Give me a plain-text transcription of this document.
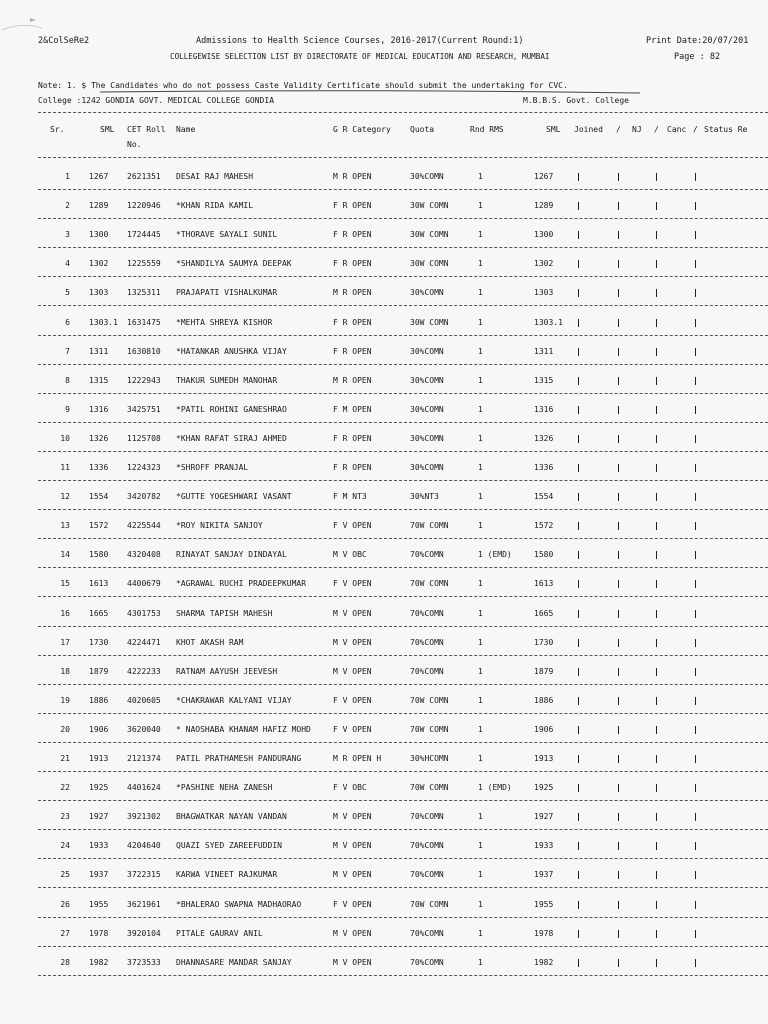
2&ColSeRe2	Admissions to Health Science Courses, 2016-2017(Current Round:1)	Print Date:20/07/201
COLLEGEWISE SELECTION LIST BY DIRECTORATE OF MEDICAL EDUCATION AND RESEARCH, MUMBAI	Page : 82
Note: 1. $ The Candidates who do not possess Caste Validity Certificate should submit the undertaking for CVC.
College :1242 GONDIA GOVT. MEDICAL COLLEGE GONDIA	M.B.B.S. Govt. College
Sr.	SML CET Roll
No.
Name	G R Category Quota	Rnd RMS	SML Joined / NJ / Canc / Status Re
1 1267 2621351 DESAI RAJ MAHESH	M R OPEN	30%COMN	1	1267
2 1289 1220946 *KHAN RIDA KAMIL	F R OPEN	30W COMN	1	1289
3 1300 1724445 *THORAVE SAYALI SUNIL	F R OPEN	30W COMN	1	1300
4 1302 1225559 *SHANDILYA SAUMYA DEEPAK	F R OPEN	30W COMN	1	1302
5 1303 1325311 PRAJAPATI VISHALKUMAR	M R OPEN	30%COMN	1	1303
6 1303.1 1631475 *MEHTA SHREYA KISHOR	F R OPEN	30W COMN	1	1303.1
7 1311 1630810 *HATANKAR ANUSHKA VIJAY	F R OPEN	30%COMN	1	1311
8 1315 1222943 THAKUR SUMEDH MANOHAR	M R OPEN	30%COMN	1	1315
9 1316 3425751 *PATIL ROHINI GANESHRAO	F M OPEN	30%COMN	1	1316
10 1326 1125708 *KHAN RAFAT SIRAJ AHMED	F R OPEN	30%COMN	1	1326
11 1336 1224323 *SHROFF PRANJAL	F R OPEN	30%COMN	1	1336
12 1554 3420782 *GUTTE YOGESHWARI VASANT	F M NT3	30%NT3	1	1554
13 1572 4225544 *ROY NIKITA SANJOY	F V OPEN	70W COMN	1	1572
14 1580 4320408 RINAYAT SANJAY DINDAYAL	M V OBC	70%COMN	1 (EMD)	1580
15 1613 4400679 *AGRAWAL RUCHI PRADEEPKUMAR	F V OPEN	70W COMN	1	1613
16 1665 4301753 SHARMA TAPISH MAHESH	M V OPEN	70%COMN	1	1665
17 1730 4224471 KHOT AKASH RAM	M V OPEN	70%COMN	1	1730
18 1879 4222233 RATNAM AAYUSH JEEVESH	M V OPEN	70%COMN	1	1879
19 1886 4020605 *CHAKRAWAR KALYANI VIJAY	F V OPEN	70W COMN	1	1886
20 1906 3620040 * NAOSHABA KHANAM HAFIZ MOHD	F V OPEN	70W COMN	1	1906
21 1913 2121374 PATIL PRATHAMESH PANDURANG	M R OPEN H	30%HCOMN	1	1913
22 1925 4401624 *PASHINE NEHA ZANESH	F V OBC	70W COMN	1 (EMD)	1925
23 1927 3921302 BHAGWATKAR NAYAN VANDAN	M V OPEN	70%COMN	1	1927
24 1933 4204640 QUAZI SYED ZAREEFUDDIN	M V OPEN	70%COMN	1	1933
25 1937 3722315 KARWA VINEET RAJKUMAR	M V OPEN	70%COMN	1	1937
26 1955 3621961 *BHALERAO SWAPNA MADHAORAO	F V OPEN	70W COMN	1	1955
27 1978 3920104 PITALE GAURAV ANIL	M V OPEN	70%COMN	1	1978
28 1982 3723533 DHANNASARE MANDAR SANJAY	M V OPEN	70%COMN	1	1982
